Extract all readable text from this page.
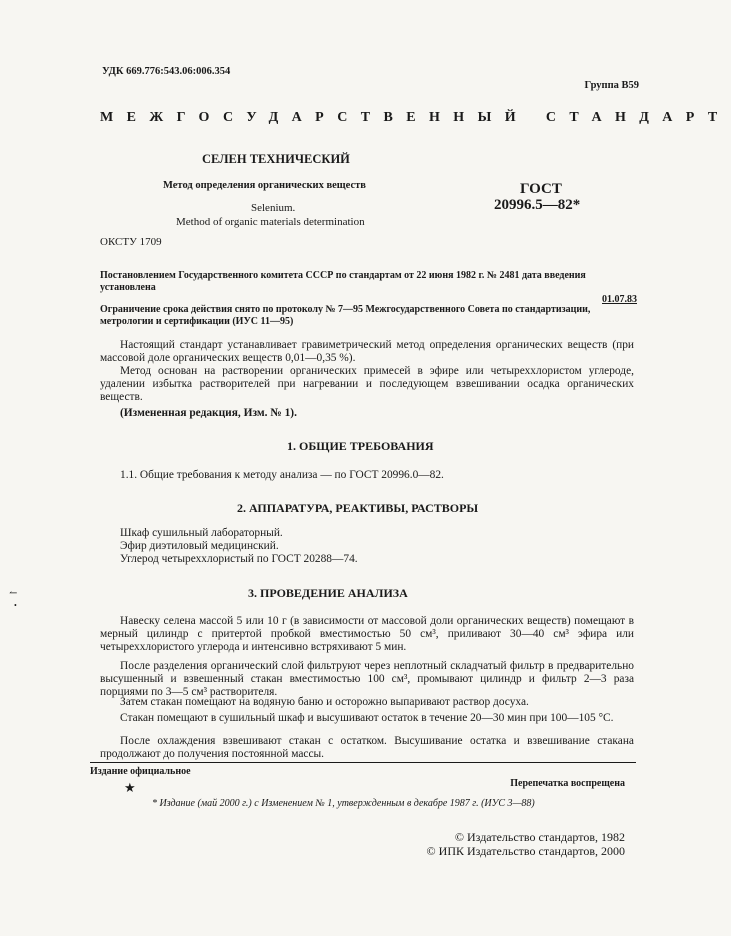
УДК 669.776:543.06:006.354
Группа В59
МЕЖГОСУДАРСТВЕННЫЙ СТАНДАРТ
СЕЛЕН ТЕХНИЧЕСКИЙ
Метод определения органических веществ	ГОСТ
20996.5—82*
Selenium.
Method of organic materials determination
ОКСТУ 1709
Постановлением Государственного комитета СССР по стандартам от 22 июня 1982 г. № 2481 дата введения установлена
01.07.83
Ограничение срока действия снято по протоколу № 7—95 Межгосударственного Совета по стандартизации, метрологии и сертификации (ИУС 11—95)
Настоящий стандарт устанавливает гравиметрический метод определения органических веществ (при массовой доле органических веществ 0,01—0,35 %).
Метод основан на растворении органических примесей в эфире или четыреххлористом углероде, удалении избытка растворителей при нагревании и последующем взвешивании осадка органических веществ.
(Измененная редакция, Изм. № 1).
1. ОБЩИЕ ТРЕБОВАНИЯ
1.1. Общие требования к методу анализа — по ГОСТ 20996.0—82.
2. АППАРАТУРА, РЕАКТИВЫ, РАСТВОРЫ
Шкаф сушильный лабораторный.
Эфир диэтиловый медицинский.
Углерод четыреххлористый по ГОСТ 20288—74.
3. ПРОВЕДЕНИЕ АНАЛИЗА
Навеску селена массой 5 или 10 г (в зависимости от массовой доли органических веществ) помещают в мерный цилиндр с притертой пробкой вместимостью 50 см³, приливают 30—40 см³ эфира или четыреххлористого углерода и интенсивно встряхивают 5 мин.
После разделения органический слой фильтруют через неплотный складчатый фильтр в предварительно высушенный и взвешенный стакан вместимостью 100 см³, промывают цилиндр и фильтр 2—3 раза порциями по 3—5 см³ растворителя.
Затем стакан помещают на водяную баню и осторожно выпаривают раствор досуха.
Стакан помещают в сушильный шкаф и высушивают остаток в течение 20—30 мин при 100—105 °С.
После охлаждения взвешивают стакан с остатком. Высушивание остатка и взвешивание стакана продолжают до получения постоянной массы.
Издание официальное
Перепечатка воспрещена
★
* Издание (май 2000 г.) с Изменением № 1, утвержденным в декабре 1987 г. (ИУС 3—88)
© Издательство стандартов, 1982
© ИПК Издательство стандартов, 2000
↼
•
